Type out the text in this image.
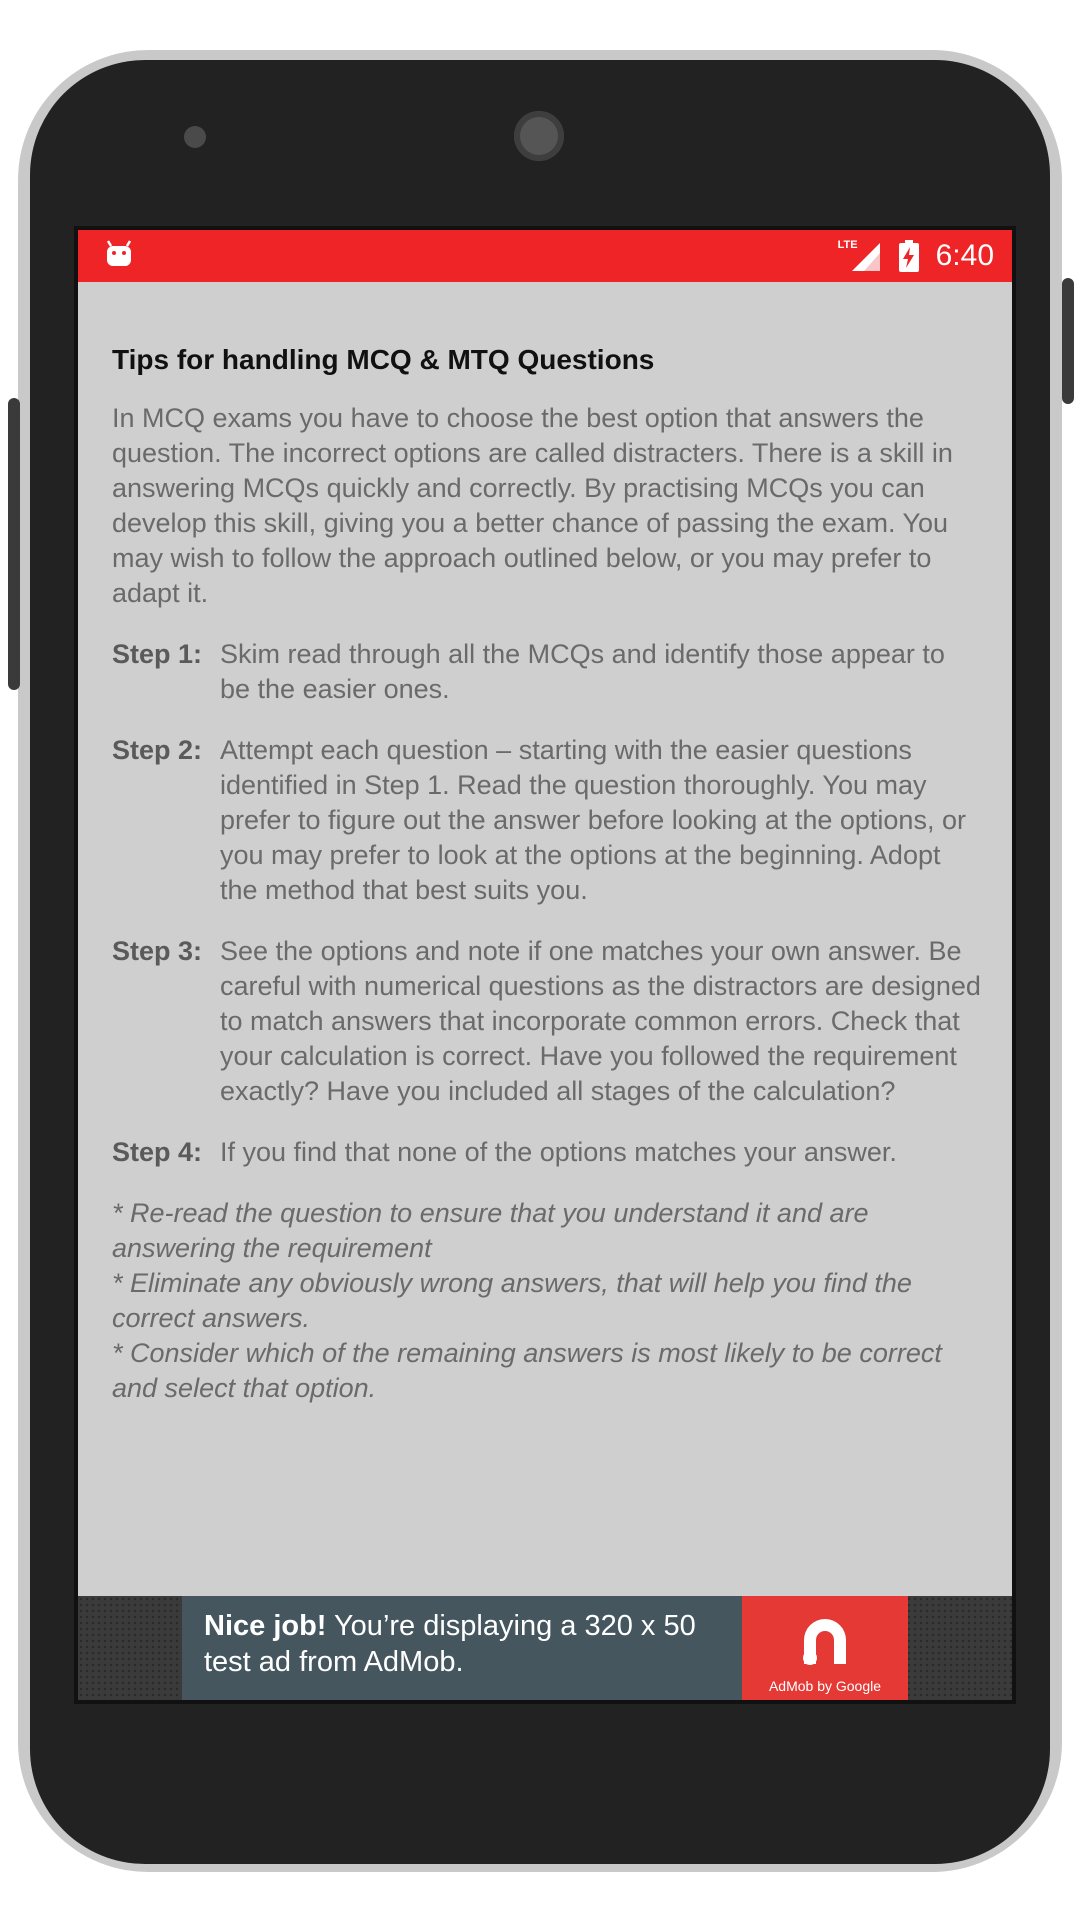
LTE	6:40
Tips for handling MCQ & MTQ Questions
In MCQ exams you have to choose the best option that answers the question. The incorrect options are called distracters. There is a skill in answering MCQs quickly and correctly. By practising MCQs you can develop this skill, giving you a better chance of passing the exam. You may wish to follow the approach outlined below, or you may prefer to adapt it.
Step 1: Skim read through all the MCQs and identify those appear to be the easier ones.
Step 2: Attempt each question – starting with the easier questions identified in Step 1. Read the question thoroughly. You may prefer to figure out the answer before looking at the options, or you may prefer to look at the options at the beginning. Adopt the method that best suits you.
Step 3: See the options and note if one matches your own answer. Be careful with numerical questions as the distractors are designed to match answers that incorporate common errors. Check that your calculation is correct. Have you followed the requirement exactly? Have you included all stages of the calculation?
Step 4: If you find that none of the options matches your answer.

* Re-read the question to ensure that you understand it and are answering the requirement

* Eliminate any obviously wrong answers, that will help you find the correct answers.

* Consider which of the remaining answers is most likely to be correct and select that option.

Nice job! You’re displaying a 320 x 50 test ad from AdMob.
AdMob by Google
